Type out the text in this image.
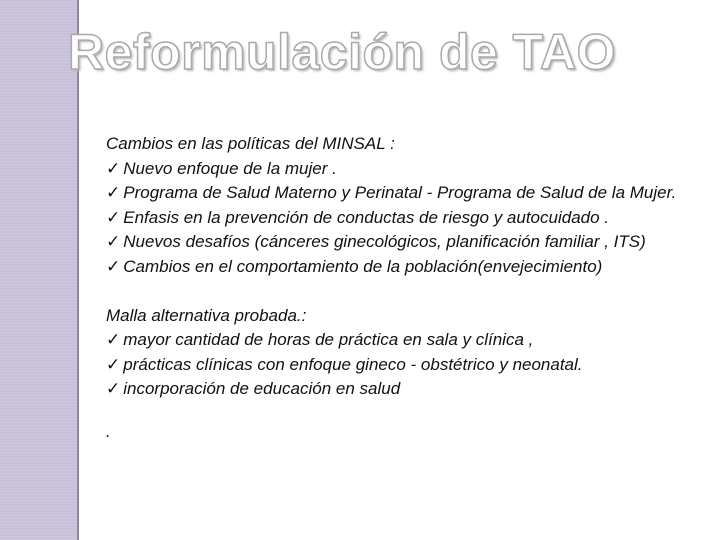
Reformulación de TAO

Cambios en las políticas del MINSAL :

✓ Nuevo enfoque de la mujer .

✓ Programa de Salud Materno y Perinatal - Programa de Salud de la Mujer.

✓ Enfasis en la prevención de conductas de riesgo y autocuidado .

✓ Nuevos desafíos (cánceres ginecológicos, planificación familiar , ITS)

✓ Cambios en el comportamiento de la población(envejecimiento)

Malla alternativa probada.:

✓ mayor cantidad de horas de práctica en sala y clínica ,

✓ prácticas clínicas con enfoque gineco - obstétrico y neonatal.

✓ incorporación de educación en salud

.
